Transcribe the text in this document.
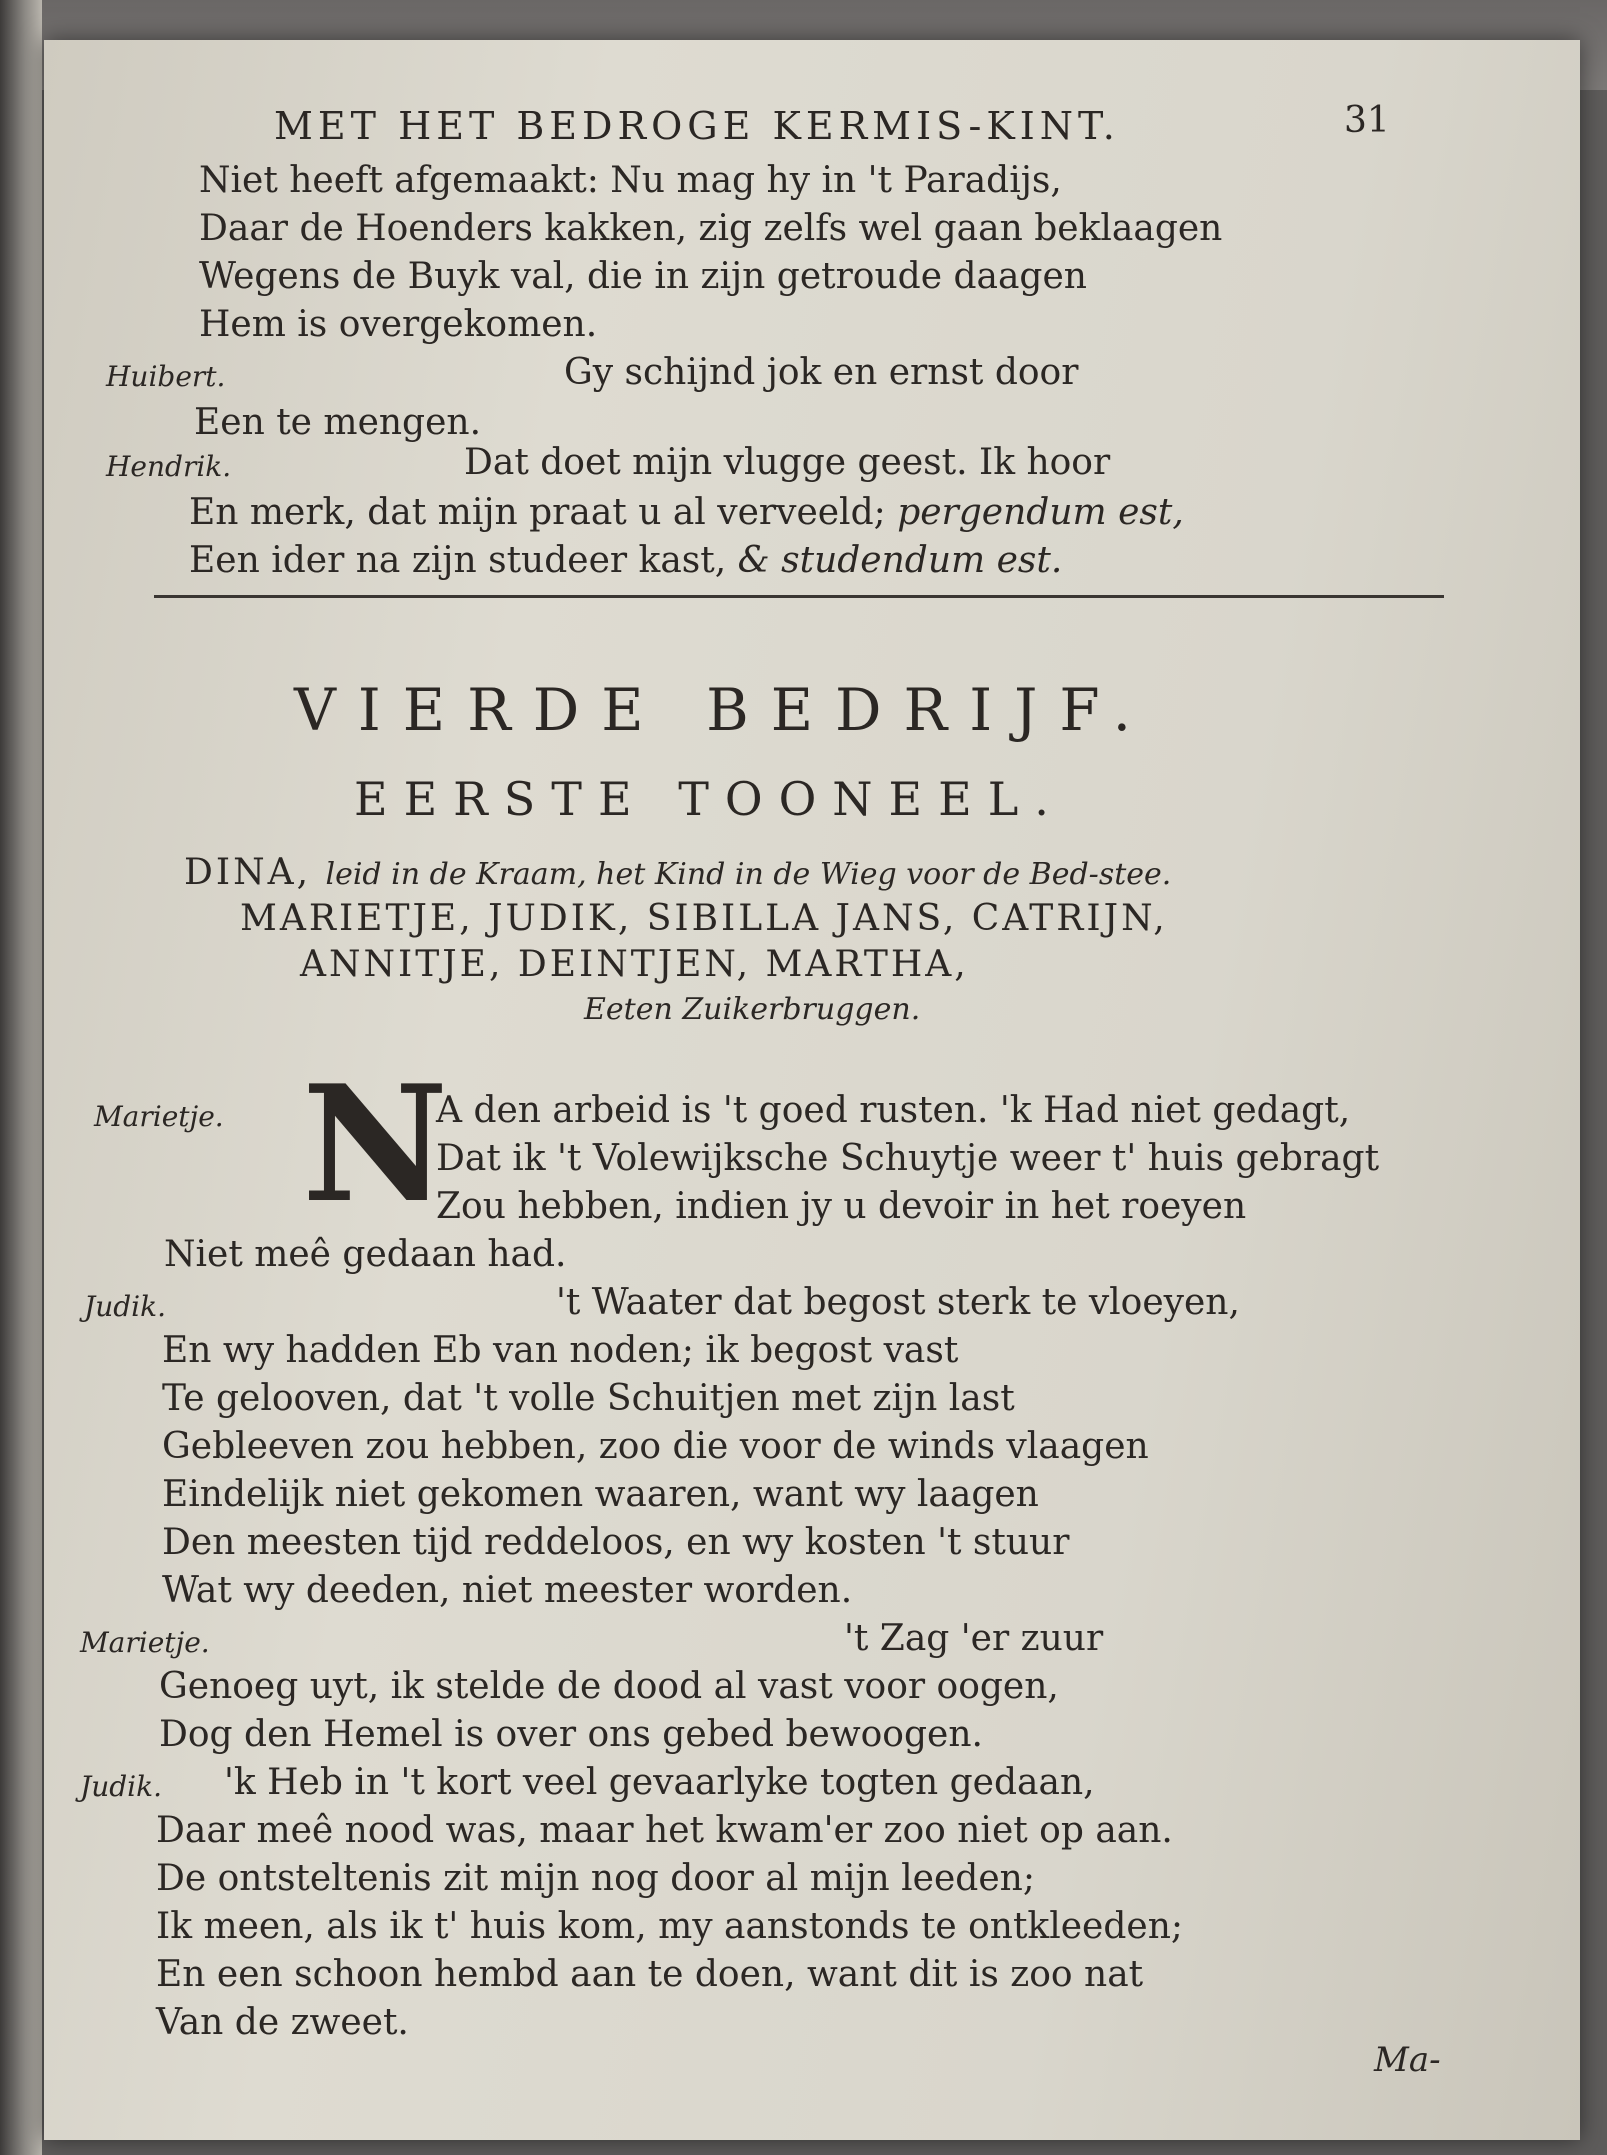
MET HET BEDROGE KERMIS-KINT.	31
Niet heeft afgemaakt: Nu mag hy in 't Paradijs,
Daar de Hoenders kakken, zig zelfs wel gaan beklaagen
Wegens de Buyk val, die in zijn getroude daagen
Hem is overgekomen.
Huibert.	Gy schijnd jok en ernst door
Een te mengen.
Hendrik.	Dat doet mijn vlugge geest. Ik hoor
En merk, dat mijn praat u al verveeld; pergendum est,
Een ider na zijn studeer kast, & studendum est.
VIERDE BEDRIJF.
EERSTE TOONEEL.
DINA, leid in de Kraam, het Kind in de Wieg voor de Bed-stee.
MARIETJE, JUDIK, SIBILLA JANS, CATRIJN,
ANNITJE, DEINTJEN, MARTHA,
Eeten Zuikerbruggen.
N
Marietje.	A den arbeid is 't goed rusten. 'k Had niet gedagt,
Dat ik 't Volewijksche Schuytje weer t' huis gebragt
Zou hebben, indien jy u devoir in het roeyen
Niet meê gedaan had.
Judik.	't Waater dat begost sterk te vloeyen,
En wy hadden Eb van noden; ik begost vast
Te gelooven, dat 't volle Schuitjen met zijn last
Gebleeven zou hebben, zoo die voor de winds vlaagen
Eindelijk niet gekomen waaren, want wy laagen
Den meesten tijd reddeloos, en wy kosten 't stuur
Wat wy deeden, niet meester worden.
Marietje.	't Zag 'er zuur
Genoeg uyt, ik stelde de dood al vast voor oogen,
Dog den Hemel is over ons gebed bewoogen.
Judik. 'k Heb in 't kort veel gevaarlyke togten gedaan,
Daar meê nood was, maar het kwam'er zoo niet op aan.
De ontsteltenis zit mijn nog door al mijn leeden;
Ik meen, als ik t' huis kom, my aanstonds te ontkleeden;
En een schoon hembd aan te doen, want dit is zoo nat
Van de zweet.
Ma-
